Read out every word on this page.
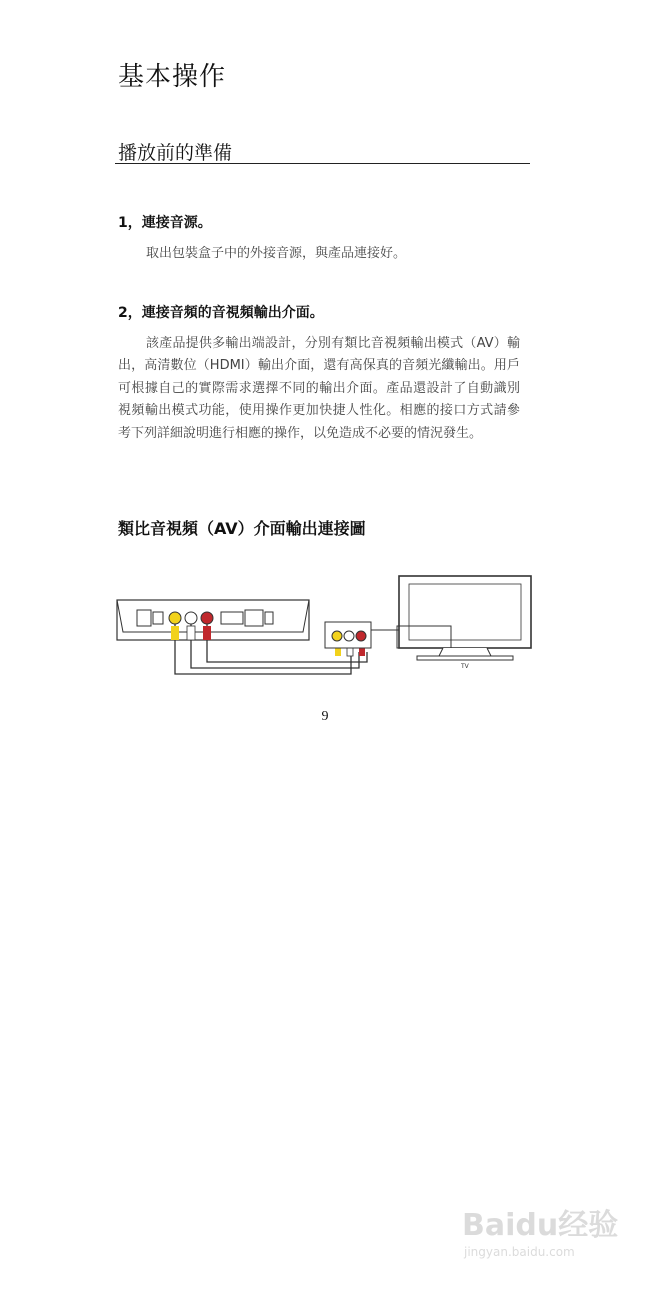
基本操作
播放前的準備
1，連接音源。

取出包裝盒子中的外接音源，與產品連接好。

2，連接音頻的音視頻輸出介面。

該產品提供多輸出端設計，分別有類比音視頻輸出模式（AV）輸出，高清數位（HDMI）輸出介面，還有高保真的音頻光纖輸出。用戶可根據自己的實際需求選擇不同的輸出介面。產品還設計了自動識別視頻輸出模式功能，使用操作更加快捷人性化。相應的接口方式請參考下列詳細說明進行相應的操作，以免造成不必要的情況發生。

類比音視頻（AV）介面輸出連接圖
TV
9
Baidu经验
jingyan.baidu.com
